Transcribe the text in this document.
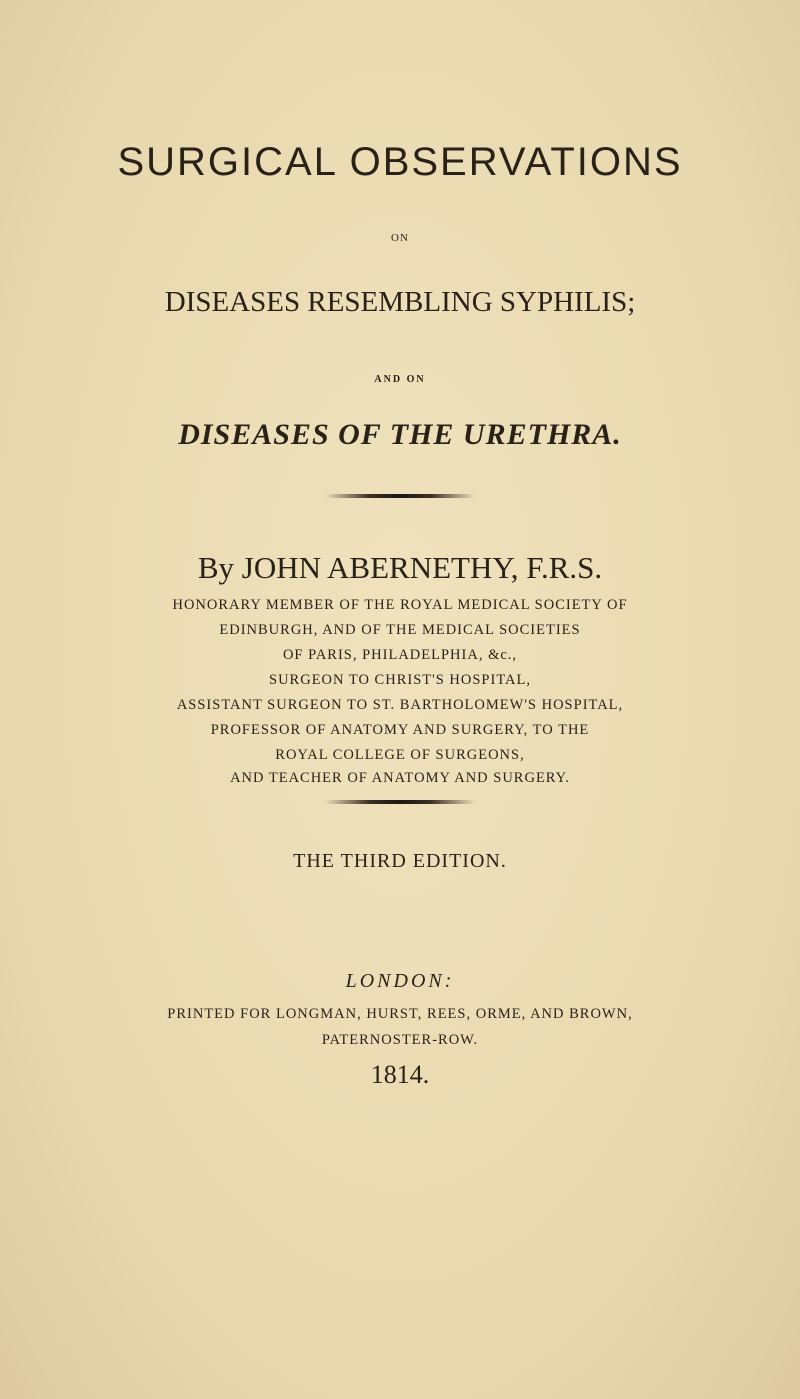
SURGICAL OBSERVATIONS
ON
DISEASES RESEMBLING SYPHILIS;
AND ON
DISEASES OF THE URETHRA.
By JOHN ABERNETHY, F.R.S.
HONORARY MEMBER OF THE ROYAL MEDICAL SOCIETY OF
EDINBURGH, AND OF THE MEDICAL SOCIETIES
OF PARIS, PHILADELPHIA, &c.,
SURGEON TO CHRIST'S HOSPITAL,
ASSISTANT SURGEON TO ST. BARTHOLOMEW'S HOSPITAL,
PROFESSOR OF ANATOMY AND SURGERY, TO THE
ROYAL COLLEGE OF SURGEONS,
AND TEACHER OF ANATOMY AND SURGERY.
THE THIRD EDITION.
LONDON:
PRINTED FOR LONGMAN, HURST, REES, ORME, AND BROWN,
PATERNOSTER-ROW.
1814.
